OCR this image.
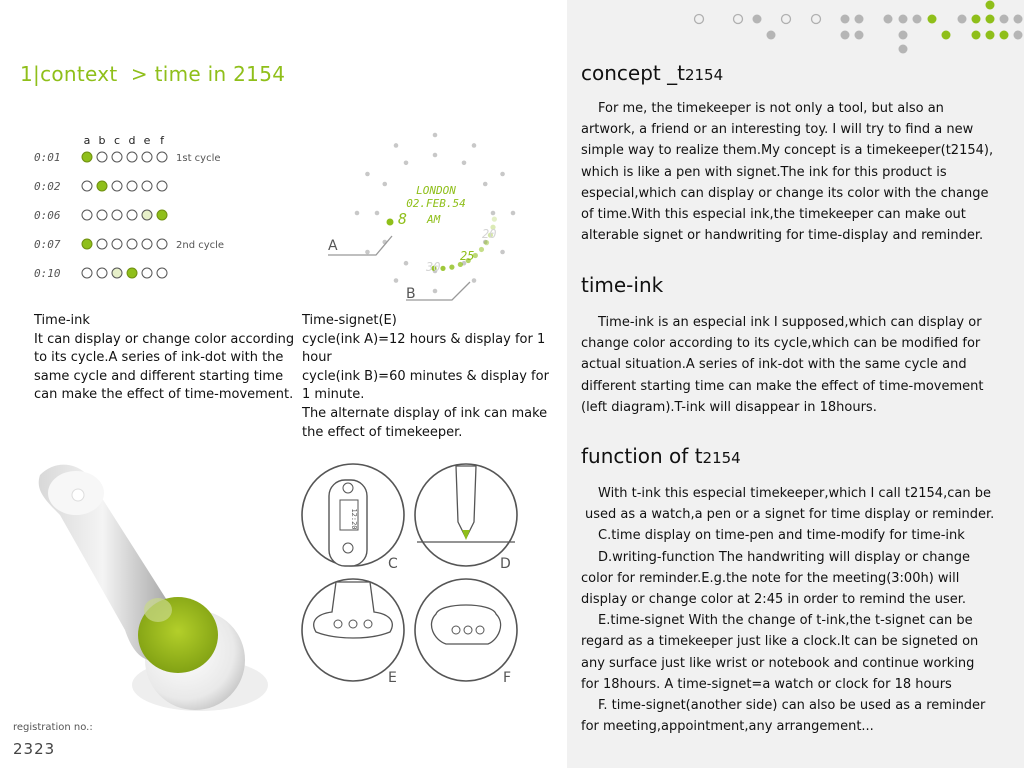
1|context > time in 2154
a b c d e f
0:01	1st cycle
0:02
0:06
0:07	2nd cycle
0:10
Time-ink
It can display or change color according
to its cycle.A series of ink-dot with the
same cycle and different starting time
can make the effect of time-movement.
Time-signet(E)
cycle(ink A)=12 hours & display for 1
hour
cycle(ink B)=60 minutes & display for
1 minute.
The alternate display of ink can make
the effect of timekeeper.
LONDON
02.FEB.54
8 AM
25
20
30
A
B
12:20
C	D
E	F
registration no.:
2323
concept _t2154
For me, the timekeeper is not only a tool, but also an
artwork, a friend or an interesting toy. I will try to find a new
simple way to realize them.My concept is a timekeeper(t2154),
which is like a pen with signet.The ink for this product is
especial,which can display or change its color with the change
of time.With this especial ink,the timekeeper can make out
alterable signet or handwriting for time-display and reminder.
time-ink
Time-ink is an especial ink I supposed,which can display or
change color according to its cycle,which can be modified for
actual situation.A series of ink-dot with the same cycle and
different starting time can make the effect of time-movement
(left diagram).T-ink will disappear in 18hours.
function of t2154
With t-ink this especial timekeeper,which I call t2154,can be
used as a watch,a pen or a signet for time display or reminder.
C.time display on time-pen and time-modify for time-ink
D.writing-function The handwriting will display or change
color for reminder.E.g.the note for the meeting(3:00h) will
display or change color at 2:45 in order to remind the user.
E.time-signet With the change of t-ink,the t-signet can be
regard as a timekeeper just like a clock.It can be signeted on
any surface just like wrist or notebook and continue working
for 18hours. A time-signet=a watch or clock for 18 hours
F. time-signet(another side) can also be used as a reminder
for meeting,appointment,any arrangement...
